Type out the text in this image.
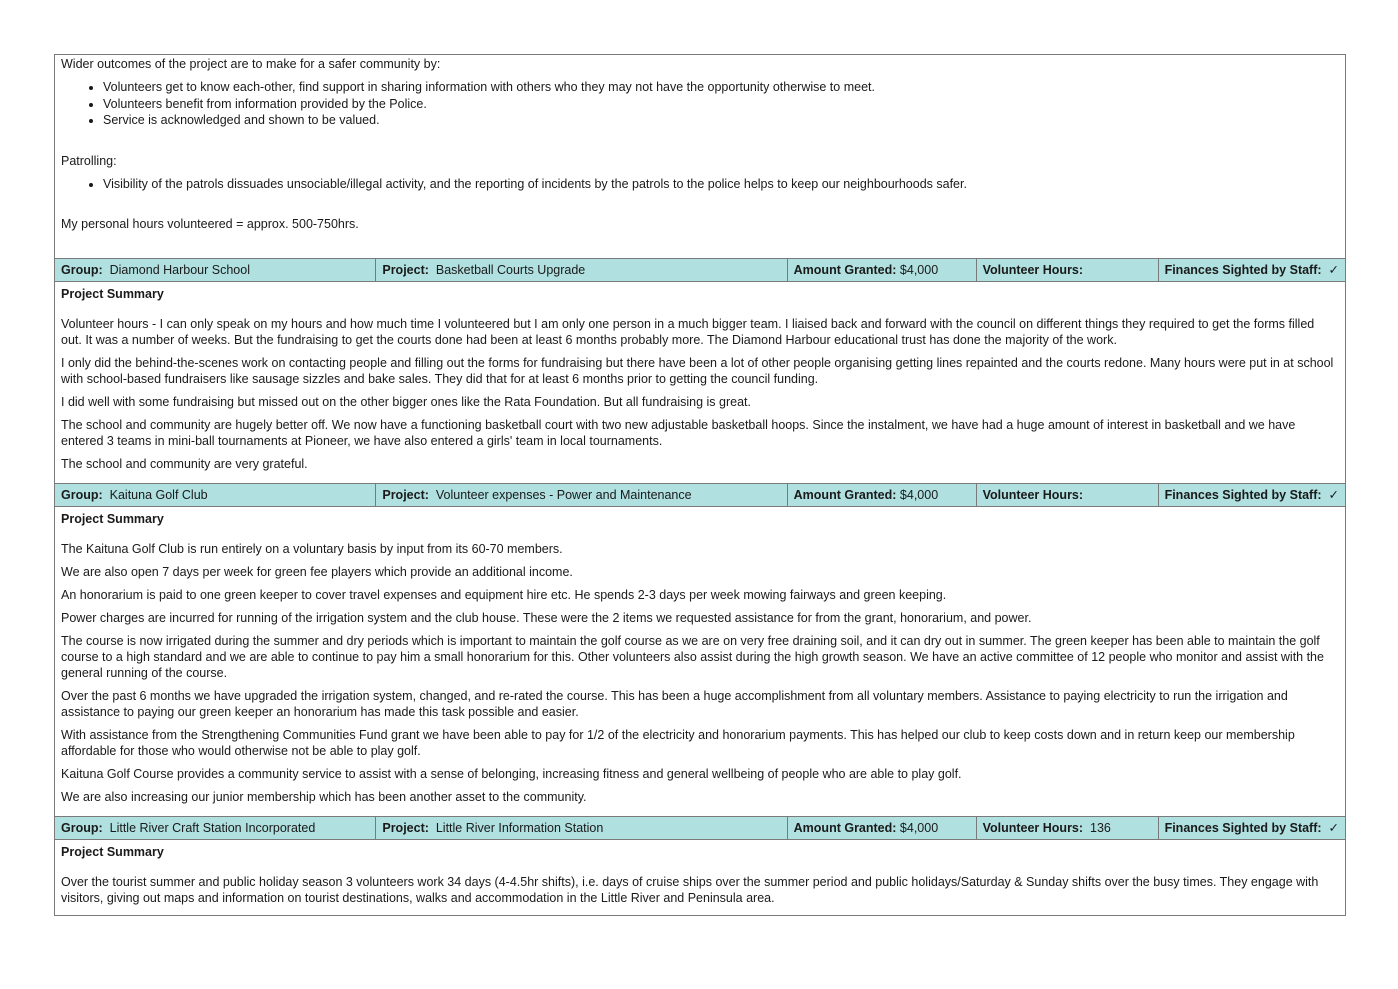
Wider outcomes of the project are to make for a safer community by:

• Volunteers get to know each-other, find support in sharing information with others who they may not have the opportunity otherwise to meet.
• Volunteers benefit from information provided by the Police.
• Service is acknowledged and shown to be valued.

Patrolling:

• Visibility of the patrols dissuades unsociable/illegal activity, and the reporting of incidents by the patrols to the police helps to keep our neighbourhoods safer.

My personal hours volunteered = approx. 500-750hrs.

Group: Diamond Harbour School	Project: Basketball Courts Upgrade	Amount Granted: $4,000	Volunteer Hours:	Finances Sighted by Staff: ✓

Project Summary

Volunteer hours - I can only speak on my hours and how much time I volunteered but I am only one person in a much bigger team. I liaised back and forward with the council on different things they required to get the forms filled out. It was a number of weeks. But the fundraising to get the courts done had been at least 6 months probably more. The Diamond Harbour educational trust has done the majority of the work.

I only did the behind-the-scenes work on contacting people and filling out the forms for fundraising but there have been a lot of other people organising getting lines repainted and the courts redone. Many hours were put in at school with school-based fundraisers like sausage sizzles and bake sales. They did that for at least 6 months prior to getting the council funding.

I did well with some fundraising but missed out on the other bigger ones like the Rata Foundation. But all fundraising is great.

The school and community are hugely better off. We now have a functioning basketball court with two new adjustable basketball hoops. Since the instalment, we have had a huge amount of interest in basketball and we have entered 3 teams in mini-ball tournaments at Pioneer, we have also entered a girls' team in local tournaments.

The school and community are very grateful.

Group: Kaituna Golf Club	Project: Volunteer expenses - Power and Maintenance	Amount Granted: $4,000	Volunteer Hours:	Finances Sighted by Staff: ✓

Project Summary

The Kaituna Golf Club is run entirely on a voluntary basis by input from its 60-70 members.

We are also open 7 days per week for green fee players which provide an additional income.

An honorarium is paid to one green keeper to cover travel expenses and equipment hire etc. He spends 2-3 days per week mowing fairways and green keeping.

Power charges are incurred for running of the irrigation system and the club house. These were the 2 items we requested assistance for from the grant, honorarium, and power.

The course is now irrigated during the summer and dry periods which is important to maintain the golf course as we are on very free draining soil, and it can dry out in summer. The green keeper has been able to maintain the golf course to a high standard and we are able to continue to pay him a small honorarium for this. Other volunteers also assist during the high growth season. We have an active committee of 12 people who monitor and assist with the general running of the course.

Over the past 6 months we have upgraded the irrigation system, changed, and re-rated the course. This has been a huge accomplishment from all voluntary members. Assistance to paying electricity to run the irrigation and assistance to paying our green keeper an honorarium has made this task possible and easier.

With assistance from the Strengthening Communities Fund grant we have been able to pay for 1/2 of the electricity and honorarium payments. This has helped our club to keep costs down and in return keep our membership affordable for those who would otherwise not be able to play golf.

Kaituna Golf Course provides a community service to assist with a sense of belonging, increasing fitness and general wellbeing of people who are able to play golf.

We are also increasing our junior membership which has been another asset to the community.

Group: Little River Craft Station Incorporated	Project: Little River Information Station	Amount Granted: $4,000	Volunteer Hours: 136	Finances Sighted by Staff: ✓

Project Summary

Over the tourist summer and public holiday season 3 volunteers work 34 days (4-4.5hr shifts), i.e. days of cruise ships over the summer period and public holidays/Saturday & Sunday shifts over the busy times. They engage with visitors, giving out maps and information on tourist destinations, walks and accommodation in the Little River and Peninsula area.
